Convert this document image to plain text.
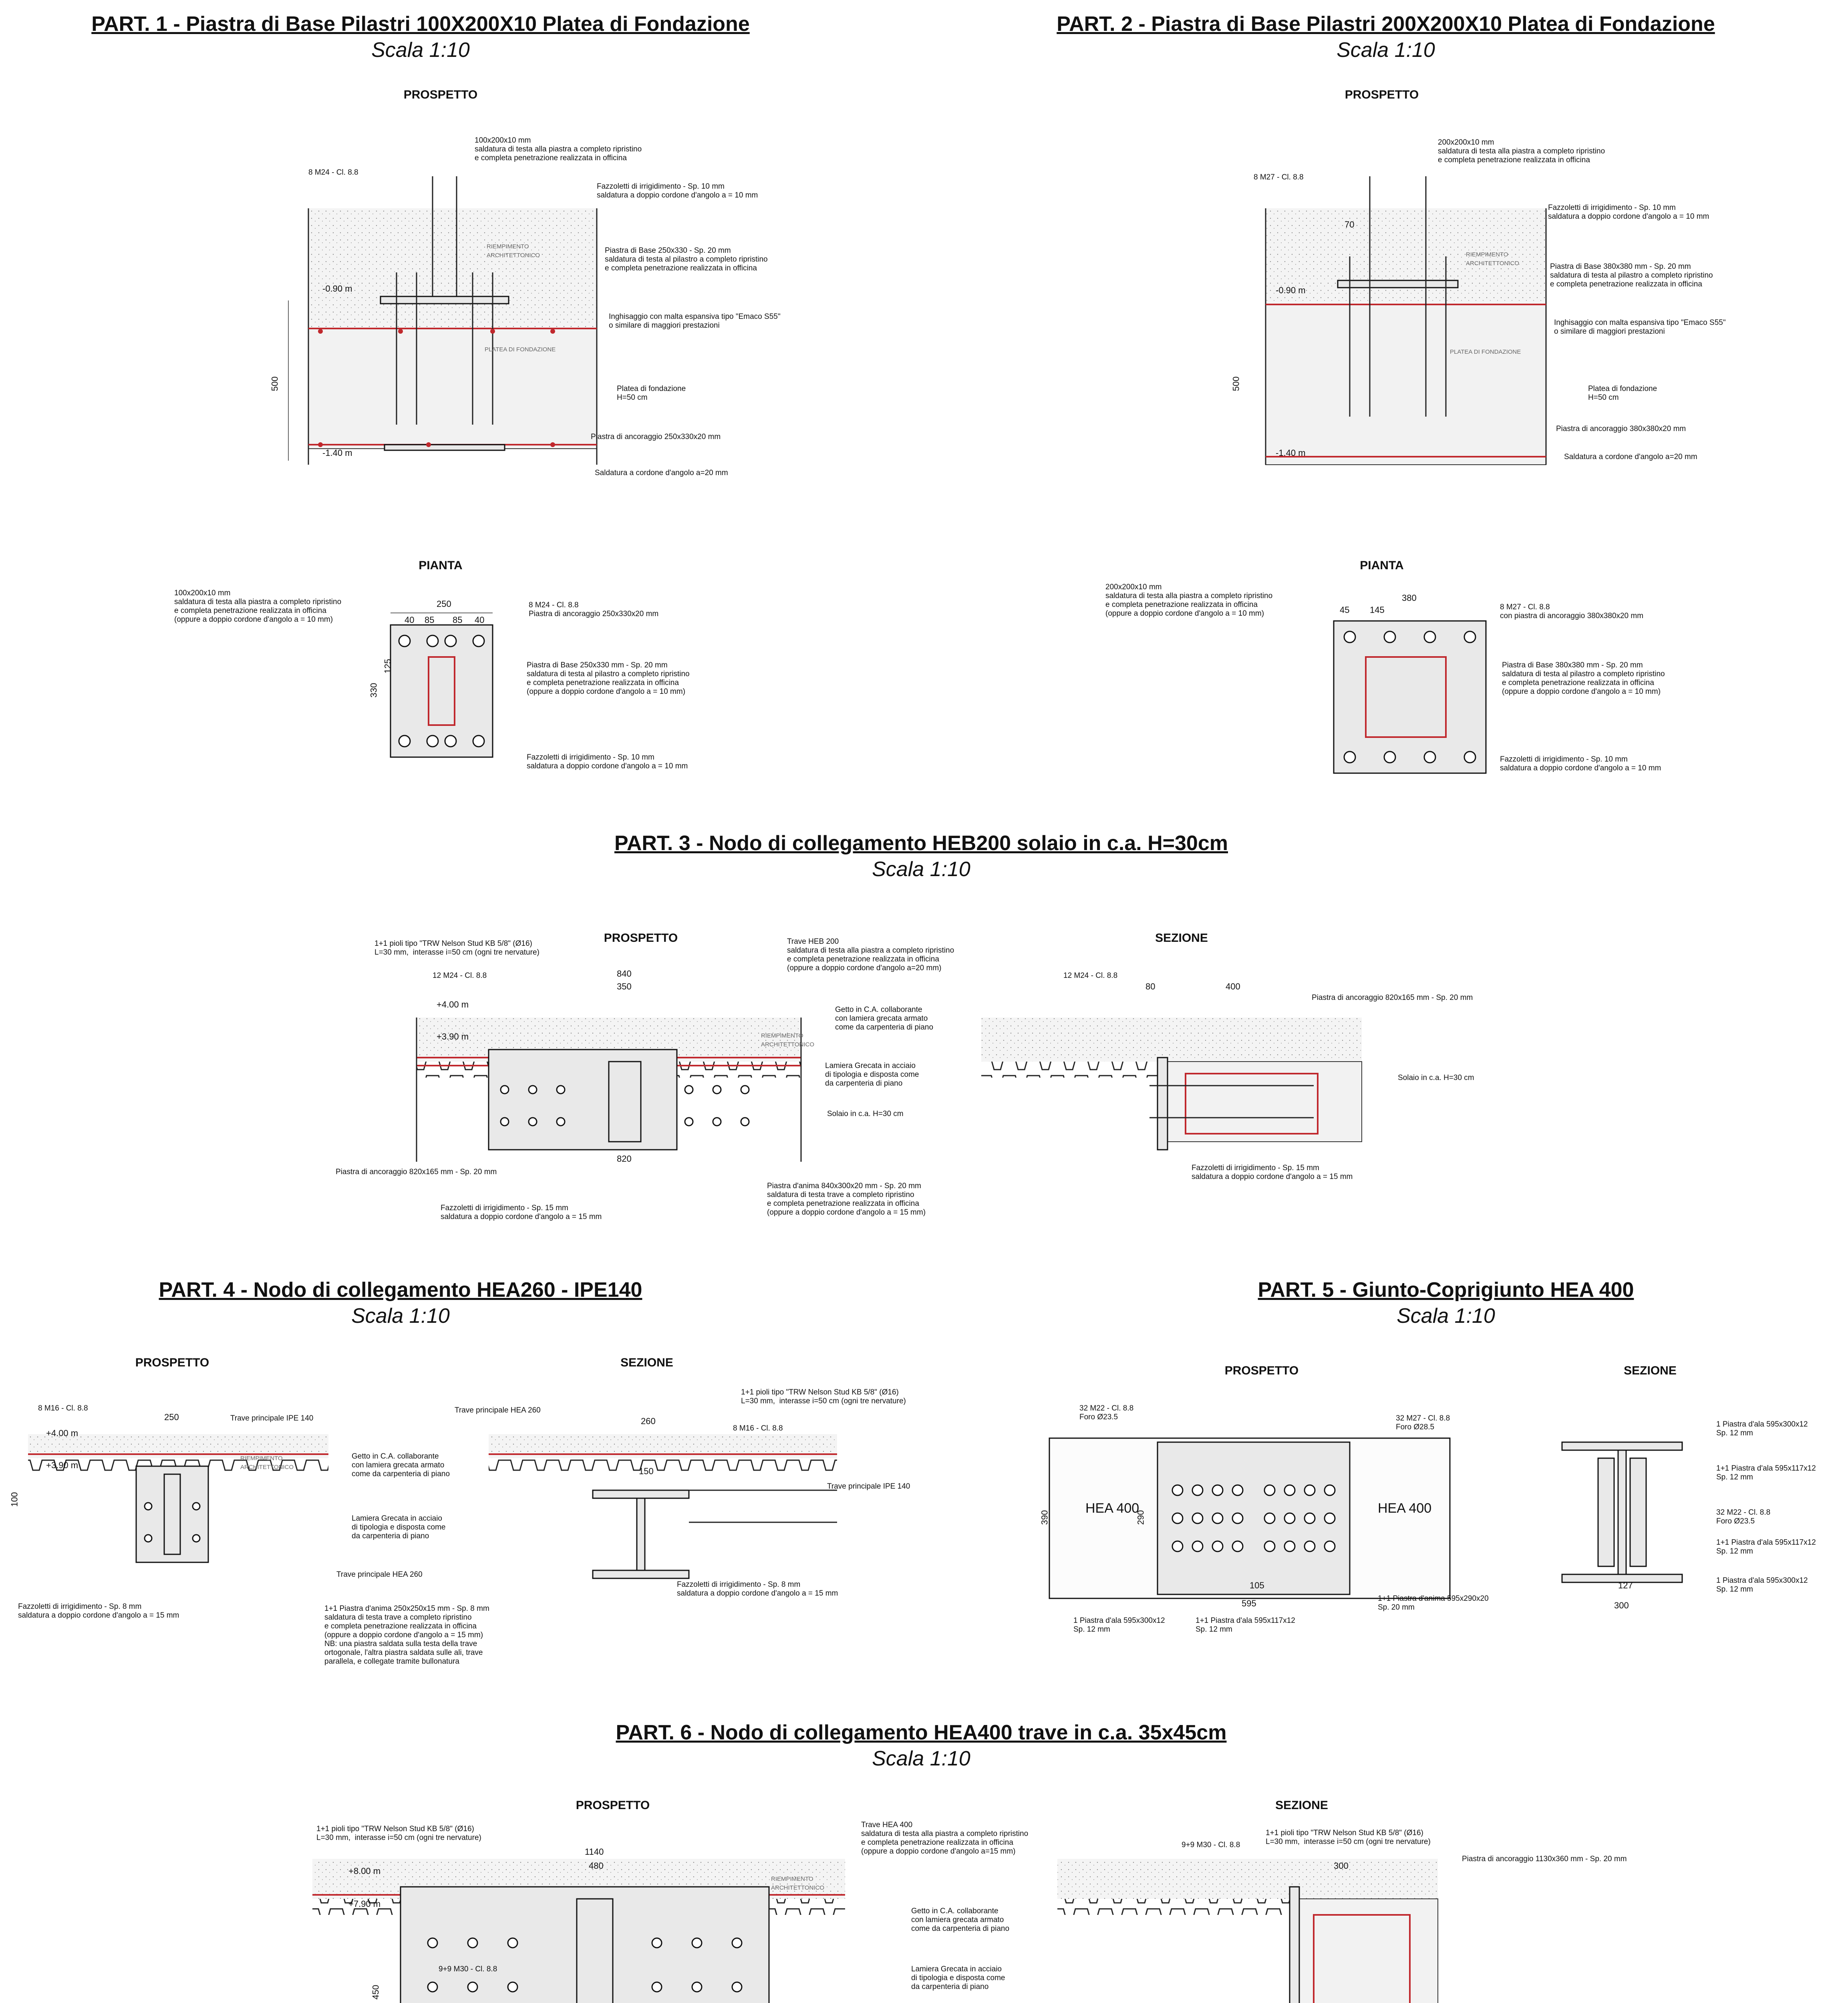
PART. 1 - Piastra di Base Pilastri 100X200X10 Platea di Fondazione
Scala 1:10
PROSPETTO
PIANTA
PART. 2 - Piastra di Base Pilastri 200X200X10 Platea di Fondazione
Scala 1:10
PROSPETTO
PIANTA
PART. 3 - Nodo di collegamento HEB200 solaio in c.a. H=30cm
Scala 1:10
PROSPETTO	SEZIONE
PART. 4 - Nodo di collegamento HEA260 - IPE140
Scala 1:10
PROSPETTO	SEZIONE
PART. 5 - Giunto-Coprigiunto HEA 400
Scala 1:10
PROSPETTO	SEZIONE
PART. 6 - Nodo di collegamento HEA400 trave in c.a. 35x45cm
Scala 1:10
PROSPETTO	SEZIONE
100x200x10 mm
saldatura di testa alla piastra a completo ripristino
e completa penetrazione realizzata in officina
8 M24 - Cl. 8.8
Fazzoletti di irrigidimento - Sp. 10 mm
saldatura a doppio cordone d'angolo a = 10 mm
Piastra di Base 250x330 - Sp. 20 mm
saldatura di testa al pilastro a completo ripristino
e completa penetrazione realizzata in officina
Inghisaggio con malta espansiva tipo "Emaco S55"
o similare di maggiori prestazioni
Platea di fondazione
H=50 cm
Piastra di ancoraggio 250x330x20 mm
Saldatura a cordone d'angolo a=20 mm
RIEMPIMENTO
ARCHITETTONICO
PLATEA DI FONDAZIONE
100x200x10 mm
saldatura di testa alla piastra a completo ripristino
e completa penetrazione realizzata in officina
(oppure a doppio cordone d'angolo a = 10 mm)
8 M24 - Cl. 8.8
Piastra di ancoraggio 250x330x20 mm
Piastra di Base 250x330 mm - Sp. 20 mm
saldatura di testa al pilastro a completo ripristino
e completa penetrazione realizzata in officina
(oppure a doppio cordone d'angolo a = 10 mm)
Fazzoletti di irrigidimento - Sp. 10 mm
saldatura a doppio cordone d'angolo a = 10 mm
-0.90 m
-1.40 m
500
250
40 85 85 40
330
125
200x200x10 mm
saldatura di testa alla piastra a completo ripristino
e completa penetrazione realizzata in officina
8 M27 - Cl. 8.8
Fazzoletti di irrigidimento - Sp. 10 mm
saldatura a doppio cordone d'angolo a = 10 mm
Piastra di Base 380x380 mm - Sp. 20 mm
saldatura di testa al pilastro a completo ripristino
e completa penetrazione realizzata in officina
Inghisaggio con malta espansiva tipo "Emaco S55"
o similare di maggiori prestazioni
Platea di fondazione
H=50 cm
Piastra di ancoraggio 380x380x20 mm
Saldatura a cordone d'angolo a=20 mm
RIEMPIMENTO
ARCHITETTONICO
PLATEA DI FONDAZIONE
200x200x10 mm
saldatura di testa alla piastra a completo ripristino
e completa penetrazione realizzata in officina
(oppure a doppio cordone d'angolo a = 10 mm)
8 M27 - Cl. 8.8
con piastra di ancoraggio 380x380x20 mm
Piastra di Base 380x380 mm - Sp. 20 mm
saldatura di testa al pilastro a completo ripristino
e completa penetrazione realizzata in officina
(oppure a doppio cordone d'angolo a = 10 mm)
Fazzoletti di irrigidimento - Sp. 10 mm
saldatura a doppio cordone d'angolo a = 10 mm
-0.90 m
-1.40 m
500
380
145
45
70
1+1 pioli tipo "TRW Nelson Stud KB 5/8" (Ø16)
L=30 mm,  interasse i=50 cm (ogni tre nervature)
12 M24 - Cl. 8.8
Trave HEB 200
saldatura di testa alla piastra a completo ripristino
e completa penetrazione realizzata in officina
(oppure a doppio cordone d'angolo a=20 mm)
Getto in C.A. collaborante
con lamiera grecata armato
come da carpenteria di piano
Lamiera Grecata in acciaio
di tipologia e disposta come
da carpenteria di piano
Solaio in c.a. H=30 cm
Piastra di ancoraggio 820x165 mm - Sp. 20 mm
Fazzoletti di irrigidimento - Sp. 15 mm
saldatura a doppio cordone d'angolo a = 15 mm
Piastra d'anima 840x300x20 mm - Sp. 20 mm
saldatura di testa trave a completo ripristino
e completa penetrazione realizzata in officina
(oppure a doppio cordone d'angolo a = 15 mm)
12 M24 - Cl. 8.8
Piastra di ancoraggio 820x165 mm - Sp. 20 mm
Solaio in c.a. H=30 cm
Fazzoletti di irrigidimento - Sp. 15 mm
saldatura a doppio cordone d'angolo a = 15 mm
RIEMPIMENTO
ARCHITETTONICO
+4.00 m
+3.90 m
840
350
820
400
80
8 M16 - Cl. 8.8
Trave principale IPE 140
Getto in C.A. collaborante
con lamiera grecata armato
come da carpenteria di piano
Lamiera Grecata in acciaio
di tipologia e disposta come
da carpenteria di piano
Trave principale HEA 260
Fazzoletti di irrigidimento - Sp. 8 mm
saldatura a doppio cordone d'angolo a = 15 mm
1+1 Piastra d'anima 250x250x15 mm - Sp. 8 mm
saldatura di testa trave a completo ripristino
e completa penetrazione realizzata in officina
(oppure a doppio cordone d'angolo a = 15 mm)
NB: una piastra saldata sulla testa della trave
ortogonale, l'altra piastra saldata sulle ali, trave
parallela, e collegate tramite bullonatura
Trave principale HEA 260
1+1 pioli tipo "TRW Nelson Stud KB 5/8" (Ø16)
L=30 mm,  interasse i=50 cm (ogni tre nervature)
8 M16 - Cl. 8.8
Trave principale IPE 140
Fazzoletti di irrigidimento - Sp. 8 mm
saldatura a doppio cordone d'angolo a = 15 mm
RIEMPIMENTO
ARCHITETTONICO
+4.00 m
+3.90 m
250	260
150
100
32 M22 - Cl. 8.8
Foro Ø23.5	32 M27 - Cl. 8.8
Foro Ø28.5
HEA 400	HEA 400
1 Piastra d'ala 595x300x12
Sp. 12 mm
1+1 Piastra d'ala 595x117x12
Sp. 12 mm
1+1 Piastra d'anima 595x290x20
Sp. 20 mm
1 Piastra d'ala 595x300x12
Sp. 12 mm
1+1 Piastra d'ala 595x117x12
Sp. 12 mm
32 M22 - Cl. 8.8
Foro Ø23.5
1+1 Piastra d'ala 595x117x12
Sp. 12 mm
1 Piastra d'ala 595x300x12
Sp. 12 mm
595	300
390	290
105	127
1+1 pioli tipo "TRW Nelson Stud KB 5/8" (Ø16)
L=30 mm,  interasse i=50 cm (ogni tre nervature)
Trave HEA 400
saldatura di testa alla piastra a completo ripristino
e completa penetrazione realizzata in officina
(oppure a doppio cordone d'angolo a=15 mm)
9+9 M30 - Cl. 8.8
Getto in C.A. collaborante
con lamiera grecata armato
come da carpenteria di piano
Lamiera Grecata in acciaio
di tipologia e disposta come
da carpenteria di piano
1+1 pioli tipo "TRW Nelson Stud KB 5/8" (Ø16)
L=30 mm,  interasse i=50 cm (ogni tre nervature)
9+9 M30 - Cl. 8.8
Piastra di ancoraggio 1130x360 mm - Sp. 20 mm
RIEMPIMENTO
ARCHITETTONICO
+8.00 m
+7.90 m
1140
480	300
450
